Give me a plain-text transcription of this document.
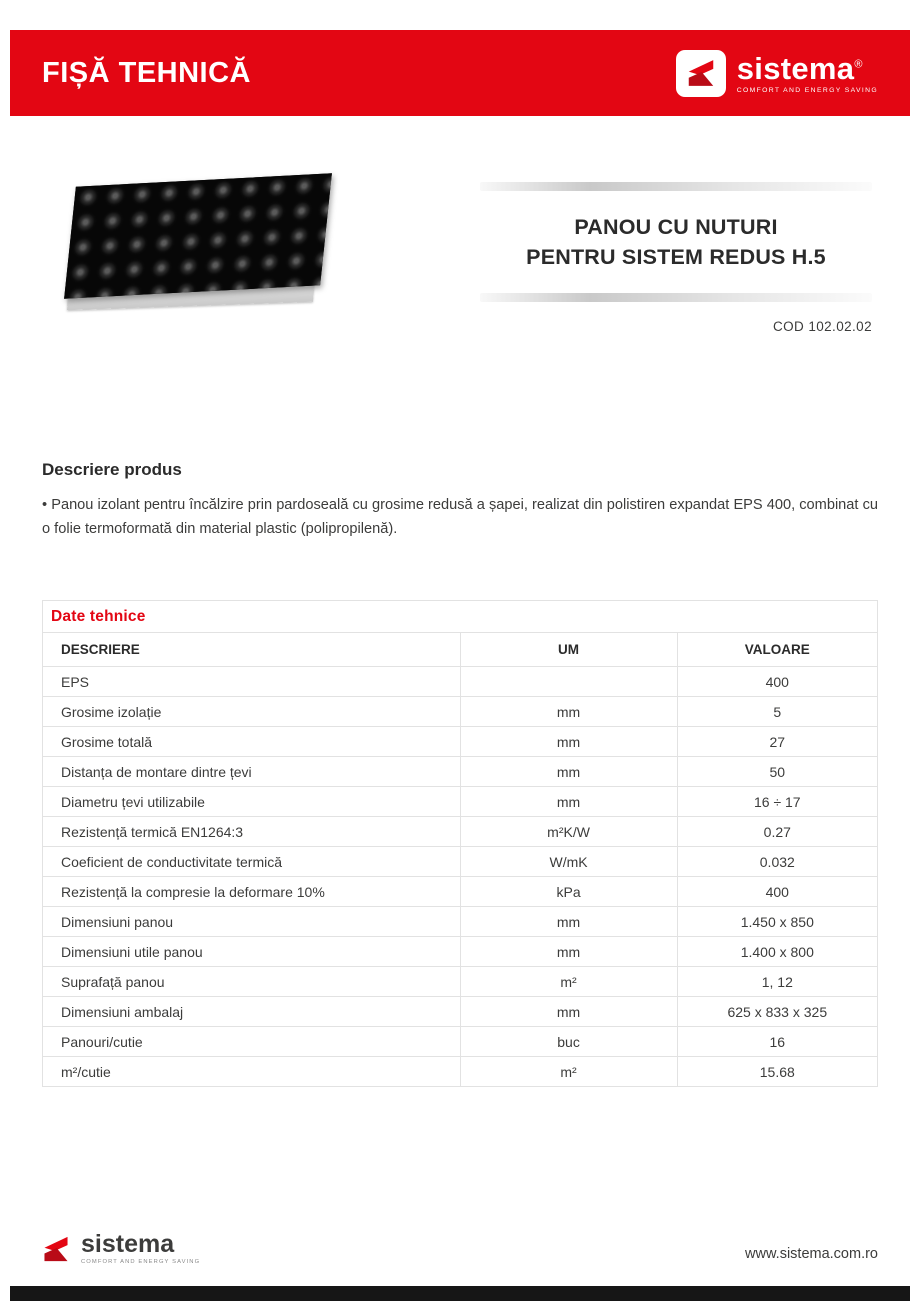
FIȘĂ TEHNICĂ	sistema®
COMFORT AND ENERGY SAVING
PANOU CU NUTURI
PENTRU SISTEM REDUS H.5
COD 102.02.02
Descriere produs
• Panou izolant pentru încălzire prin pardoseală cu grosime redusă a șapei, realizat din polistiren expandat EPS 400, combinat cu o folie termoformată din material plastic (polipropilenă).
Date tehnice		
DESCRIERE	UM	VALOARE
EPS		400
Grosime izolație	mm	5
Grosime totală	mm	27
Distanța de montare dintre țevi	mm	50
Diametru țevi utilizabile	mm	16 ÷ 17
Rezistență termică EN1264:3	m²K/W	0.27
Coeficient de conductivitate termică	W/mK	0.032
Rezistență la compresie la deformare 10%	kPa	400
Dimensiuni panou	mm	1.450 x 850
Dimensiuni utile panou	mm	1.400 x 800
Suprafață panou	m²	1, 12
Dimensiuni ambalaj	mm	625 x 833 x 325
Panouri/cutie	buc	16
m²/cutie	m²	15.68
sistema
COMFORT AND ENERGY SAVING	www.sistema.com.ro
